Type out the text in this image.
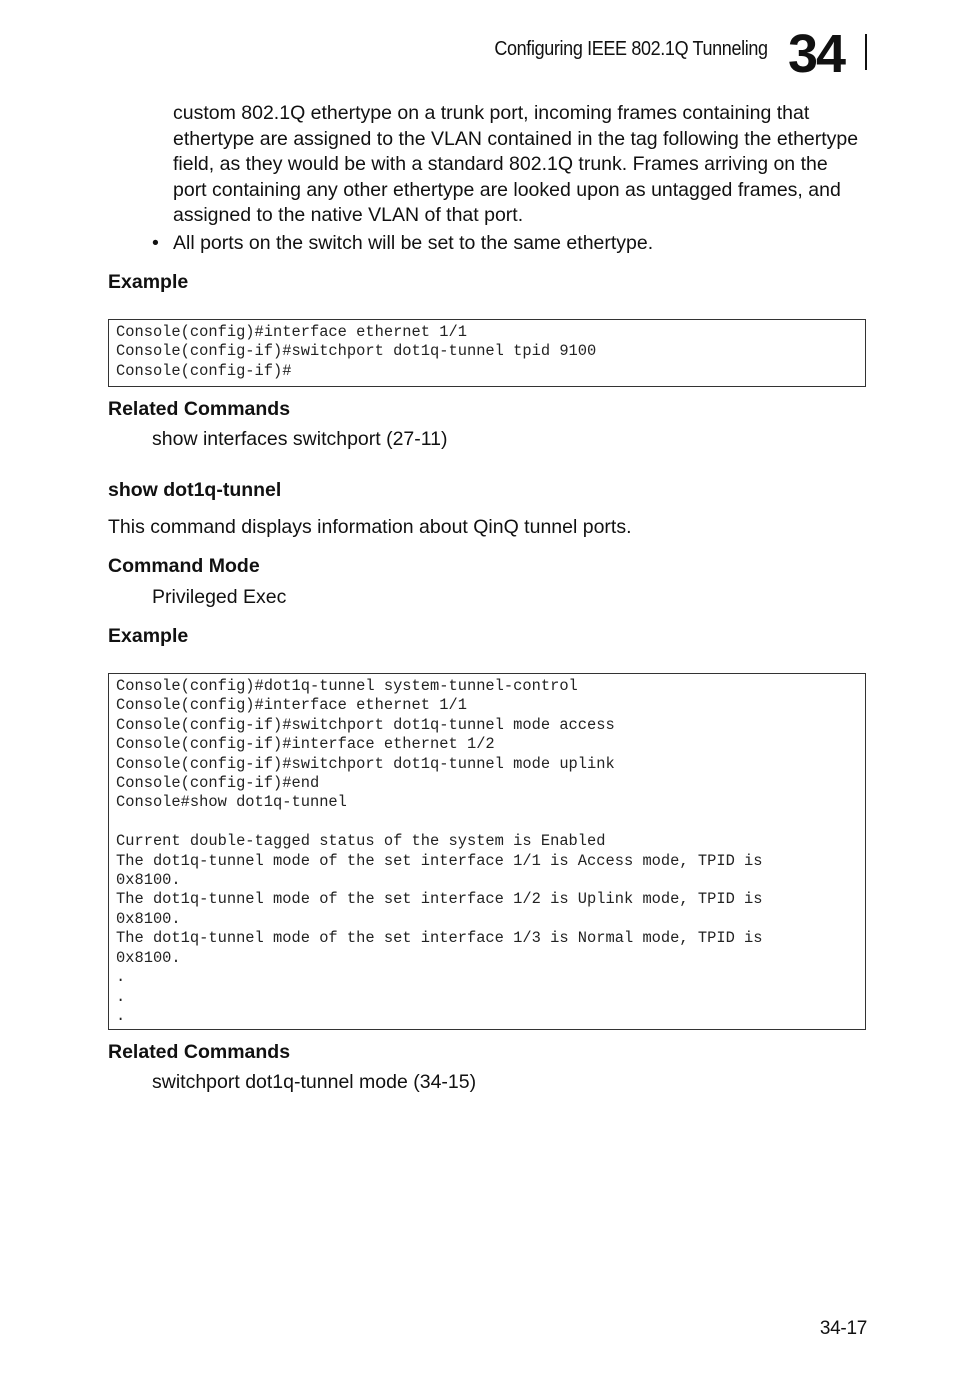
Configuring IEEE 802.1Q Tunneling 34
custom 802.1Q ethertype on a trunk port, incoming frames containing that ethertype are assigned to the VLAN contained in the tag following the ethertype field, as they would be with a standard 802.1Q trunk. Frames arriving on the port containing any other ethertype are looked upon as untagged frames, and assigned to the native VLAN of that port.
• All ports on the switch will be set to the same ethertype.
Example
Console(config)#interface ethernet 1/1
Console(config-if)#switchport dot1q-tunnel tpid 9100
Console(config-if)#
Related Commands
show interfaces switchport (27-11)
show dot1q-tunnel
This command displays information about QinQ tunnel ports.
Command Mode
Privileged Exec
Example
Console(config)#dot1q-tunnel system-tunnel-control
Console(config)#interface ethernet 1/1
Console(config-if)#switchport dot1q-tunnel mode access
Console(config-if)#interface ethernet 1/2
Console(config-if)#switchport dot1q-tunnel mode uplink
Console(config-if)#end
Console#show dot1q-tunnel

Current double-tagged status of the system is Enabled
The dot1q-tunnel mode of the set interface 1/1 is Access mode, TPID is
0x8100.
The dot1q-tunnel mode of the set interface 1/2 is Uplink mode, TPID is
0x8100.
The dot1q-tunnel mode of the set interface 1/3 is Normal mode, TPID is
0x8100.
.
.
.
Related Commands
switchport dot1q-tunnel mode (34-15)
34-17
